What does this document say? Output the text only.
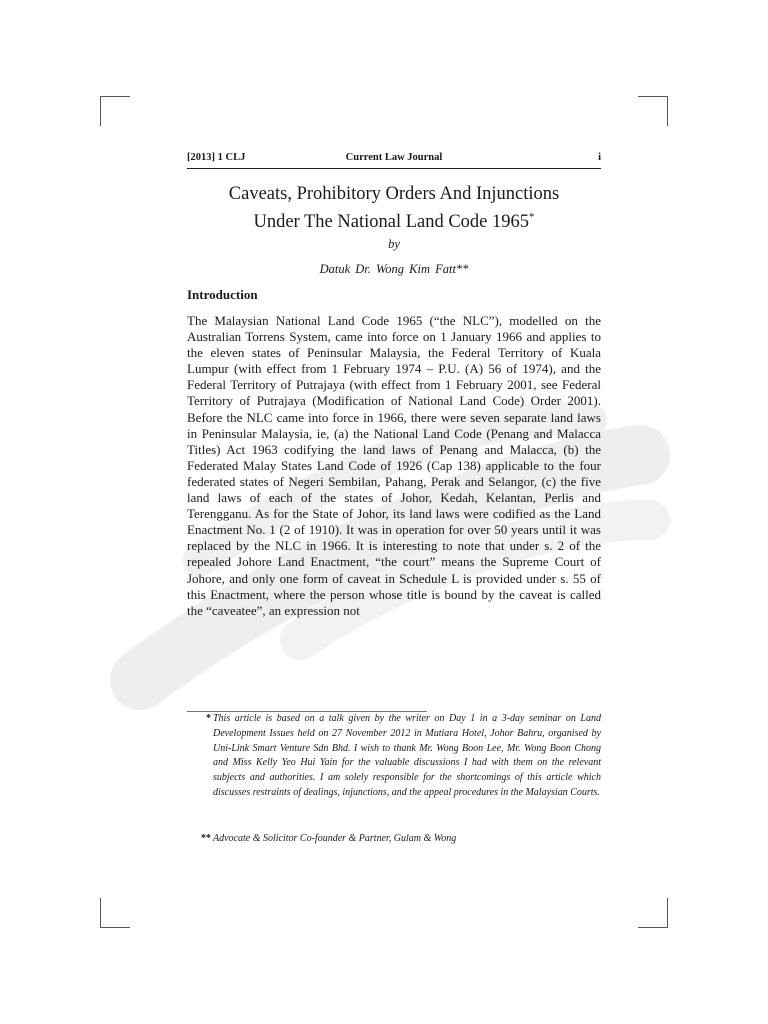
[2013] 1 CLJ	Current Law Journal	i
Caveats, Prohibitory Orders And Injunctions
Under The National Land Code 1965*
by
Datuk Dr. Wong Kim Fatt**
Introduction
The Malaysian National Land Code 1965 (“the NLC”), modelled on the Australian Torrens System, came into force on 1 January 1966 and applies to the eleven states of Peninsular Malaysia, the Federal Territory of Kuala Lumpur (with effect from 1 February 1974 – P.U. (A) 56 of 1974), and the Federal Territory of Putrajaya (with effect from 1 February 2001, see Federal Territory of Putrajaya (Modification of National Land Code) Order 2001). Before the NLC came into force in 1966, there were seven separate land laws in Peninsular Malaysia, ie, (a) the National Land Code (Penang and Malacca Titles) Act 1963 codifying the land laws of Penang and Malacca, (b) the Federated Malay States Land Code of 1926 (Cap 138) applicable to the four federated states of Negeri Sembilan, Pahang, Perak and Selangor, (c) the five land laws of each of the states of Johor, Kedah, Kelantan, Perlis and Terengganu. As for the State of Johor, its land laws were codified as the Land Enactment No. 1 (2 of 1910). It was in operation for over 50 years until it was replaced by the NLC in 1966. It is interesting to note that under s. 2 of the repealed Johore Land Enactment, “the court” means the Supreme Court of Johore, and only one form of caveat in Schedule L is provided under s. 55 of this Enactment, where the person whose title is bound by the caveat is called the “caveatee”, an expression not
* This article is based on a talk given by the writer on Day 1 in a 3-day seminar on Land Development Issues held on 27 November 2012 in Mutiara Hotel, Johor Bahru, organised by Uni-Link Smart Venture Sdn Bhd. I wish to thank Mr. Wong Boon Lee, Mr. Wong Boon Chong and Miss Kelly Yeo Hui Yain for the valuable discussions I had with them on the relevant subjects and authorities. I am solely responsible for the shortcomings of this article which discusses restraints of dealings, injunctions, and the appeal procedures in the Malaysian Courts.
** Advocate & Solicitor Co-founder & Partner, Gulam & Wong
